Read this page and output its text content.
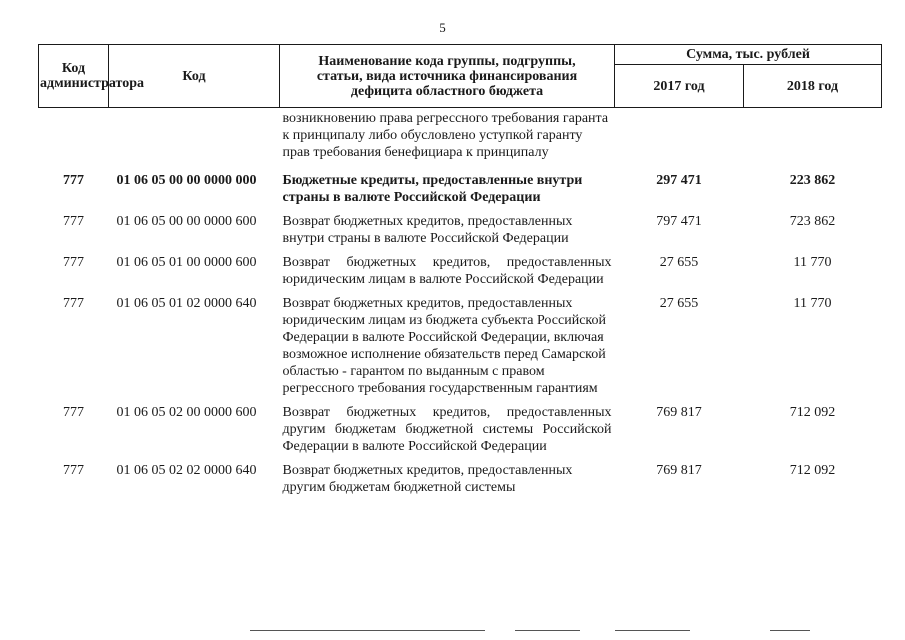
5
Код администратора	Код	Наименование кода группы, подгруппы, статьи, вида источника финансирования дефицита областного бюджета	Сумма, тыс. рублей	
			2017 год	2018 год
		возникновению права регрессного требования гаранта к принципалу либо обусловлено уступкой гаранту прав требования бенефициара к принципалу		
777	01 06 05 00 00 0000 000	Бюджетные кредиты, предоставленные внутри страны в валюте Российской Федерации	297 471	223 862
777	01 06 05 00 00 0000 600	Возврат бюджетных кредитов, предоставленных внутри страны в валюте Российской Федерации	797 471	723 862
777	01 06 05 01 00 0000 600	Возврат бюджетных кредитов, предоставленных юридическим лицам в валюте Российской Федерации	27 655	11 770
777	01 06 05 01 02 0000 640	Возврат бюджетных кредитов, предоставленных юридическим лицам из бюджета субъекта Российской Федерации в валюте Российской Федерации, включая возможное исполнение обязательств перед Самарской областью - гарантом по выданным с правом регрессного требования государственным гарантиям	27 655	11 770
777	01 06 05 02 00 0000 600	Возврат бюджетных кредитов, предоставленных другим бюджетам бюджетной системы Российской Федерации в валюте Российской Федерации	769 817	712 092
777	01 06 05 02 02 0000 640	Возврат бюджетных кредитов, предоставленных другим бюджетам бюджетной системы	769 817	712 092
